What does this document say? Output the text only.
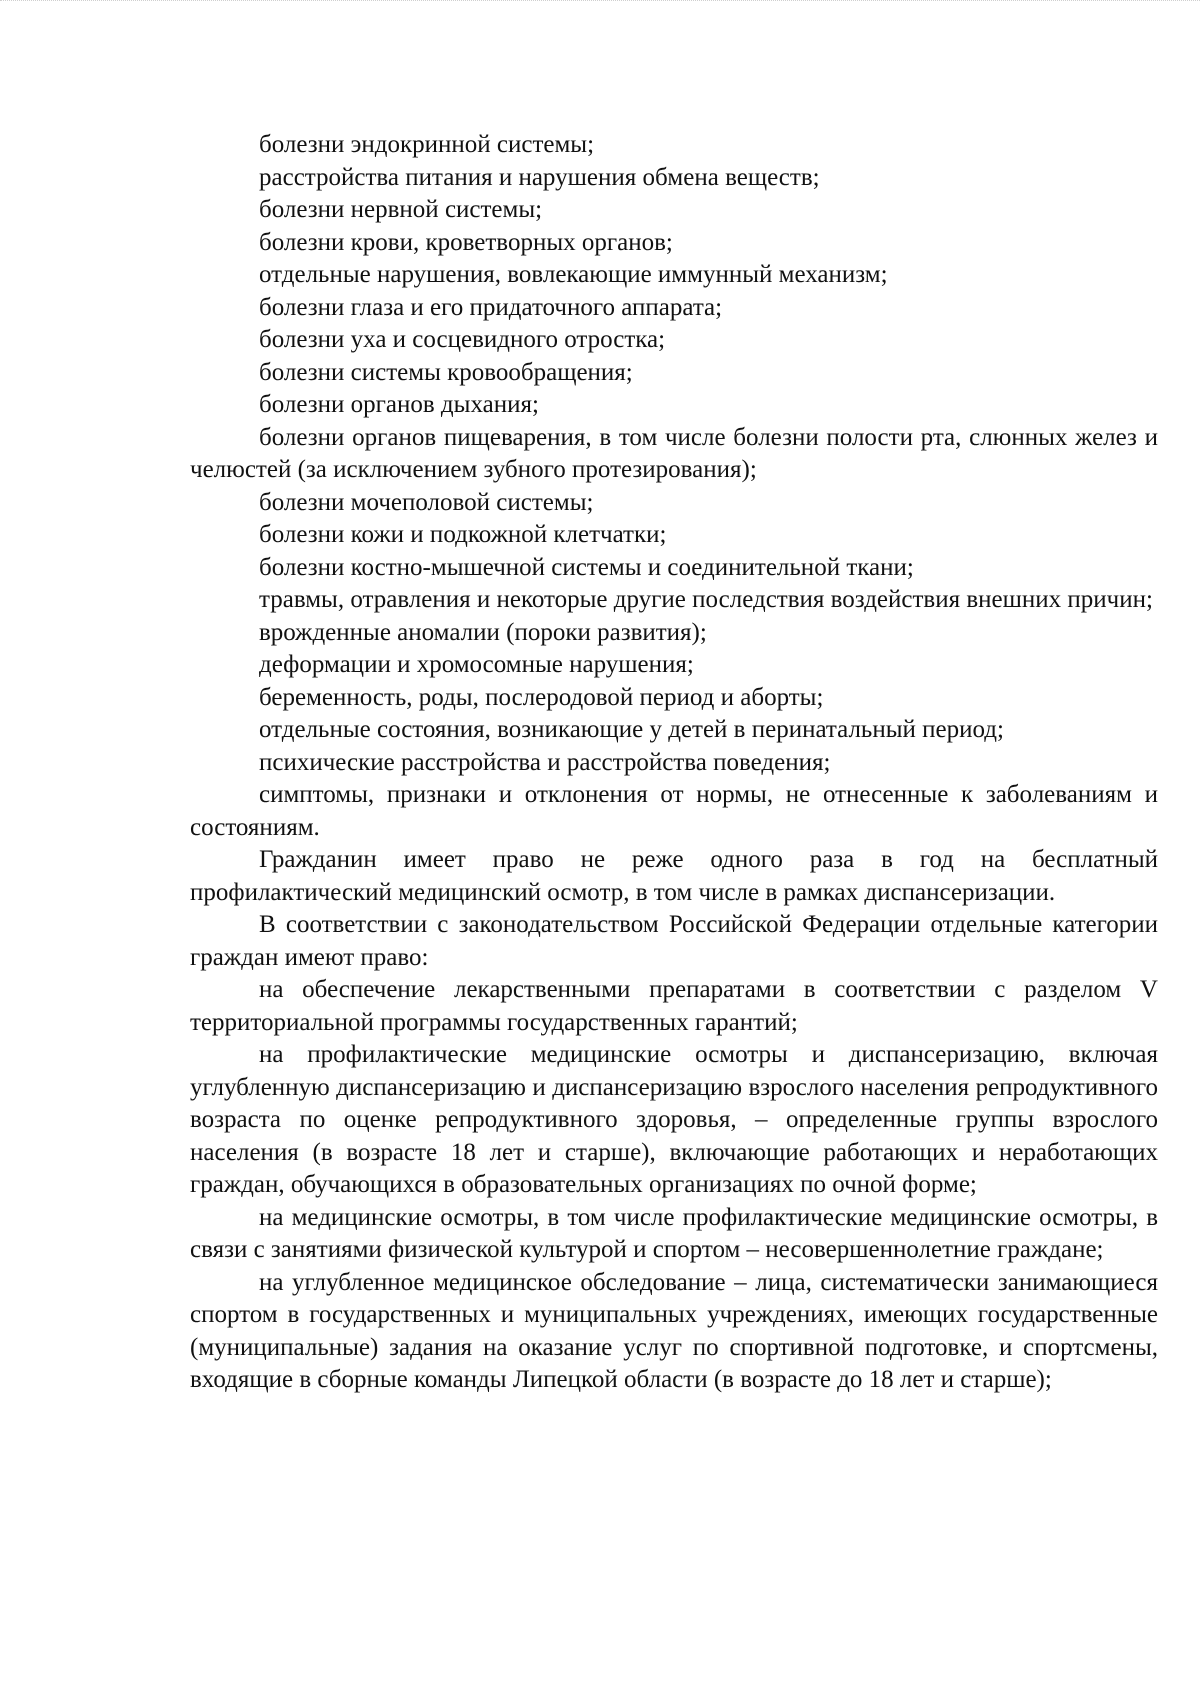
болезни эндокринной системы;

расстройства питания и нарушения обмена веществ;

болезни нервной системы;

болезни крови, кроветворных органов;

отдельные нарушения, вовлекающие иммунный механизм;

болезни глаза и его придаточного аппарата;

болезни уха и сосцевидного отростка;

болезни системы кровообращения;

болезни органов дыхания;

болезни органов пищеварения, в том числе болезни полости рта, слюнных желез и челюстей (за исключением зубного протезирования);

болезни мочеполовой системы;

болезни кожи и подкожной клетчатки;

болезни костно-мышечной системы и соединительной ткани;

травмы, отравления и некоторые другие последствия воздействия внешних причин;

врожденные аномалии (пороки развития);

деформации и хромосомные нарушения;

беременность, роды, послеродовой период и аборты;

отдельные состояния, возникающие у детей в перинатальный период;

психические расстройства и расстройства поведения;

симптомы, признаки и отклонения от нормы, не отнесенные к заболеваниям и состояниям.

Гражданин имеет право не реже одного раза в год на бесплатный профилактический медицинский осмотр, в том числе в рамках диспансеризации.

В соответствии с законодательством Российской Федерации отдельные категории граждан имеют право:

на обеспечение лекарственными препаратами в соответствии с разделом V территориальной программы государственных гарантий;

на профилактические медицинские осмотры и диспансеризацию, включая углубленную диспансеризацию и диспансеризацию взрослого населения репродуктивного возраста по оценке репродуктивного здоровья, – определенные группы взрослого населения (в возрасте 18 лет и старше), включающие работающих и неработающих граждан, обучающихся в образовательных организациях по очной форме;

на медицинские осмотры, в том числе профилактические медицинские осмотры, в связи с занятиями физической культурой и спортом – несовершеннолетние граждане;

на углубленное медицинское обследование – лица, систематически занимающиеся спортом в государственных и муниципальных учреждениях, имеющих государственные (муниципальные) задания на оказание услуг по спортивной подготовке, и спортсмены, входящие в сборные команды Липецкой области (в возрасте до 18 лет и старше);
